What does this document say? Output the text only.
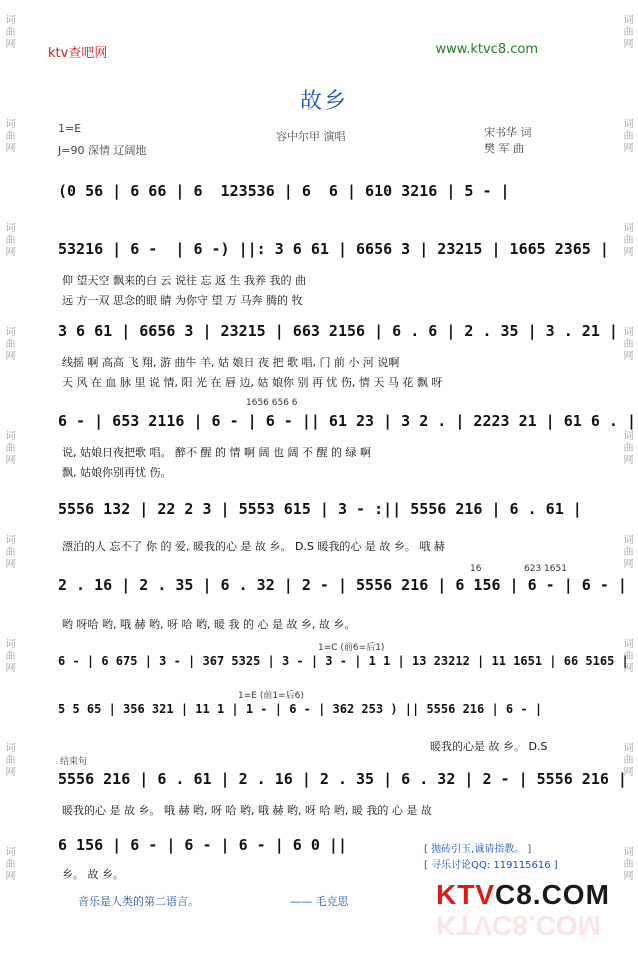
词曲网
词曲网
词曲网
词曲网
词曲网
词曲网
词曲网
词曲网
词曲网
词曲网
词曲网
词曲网
词曲网
词曲网
词曲网
词曲网
词曲网
词曲网
ktv查吧网	www.ktvc8.com
故乡
1=E
J=90 深情 辽阔地
容中尔甲 演唱	宋书华 词
樊 军 曲
(0 56 | 6 66 | 6  123536 | 6  6 | 610 3216 | 5 - |
53216 | 6 -  | 6 -) ||: 3 6 61 | 6656 3 | 23215 | 1665 2365 |
仰 望天空 飘来的白 云 说往 忘 返 生 我养 我的 曲
远 方一双 思念的眼 睛 为你守 望 万 马奔 腾的 牧
3 6 61 | 6656 3 | 23215 | 663 2156 | 6 . 6 | 2 . 35 | 3 . 21 |
线摇 啊 高高 飞 翔, 游 曲牛 羊, 姑 娘日 夜 把 歌 唱, 门 前 小 河 说啊
天 风 在 血 脉 里 说 情, 阳 光 在 唇 边, 姑 娘你 别 再 忧 伤, 情 天 马 花 飘 呀
1656 656 6
6 - | 653 2116 | 6 - | 6 - || 61 23 | 3 2 . | 2223 21 | 61 6 . |
说, 姑娘日夜把歌 唱。 醉不 醒 的 情 啊 阔 也 阔 不 醒 的 绿 啊
飘, 姑娘你别再忧 伤。
5556 132 | 22 2 3 | 5553 615 | 3 - :|| 5556 216 | 6 . 61 |
漂泊的人 忘不了 你 的 爱, 暖我的心 是 故 乡。 D.S 暖我的心 是 故 乡。 哦 赫
16	623 1651
2 . 16 | 2 . 35 | 6 . 32 | 2 - | 5556 216 | 6 156 | 6 - | 6 - |
哟 呀哈 哟, 哦 赫 哟, 呀 哈 哟, 暖 我 的 心 是 故 乡, 故 乡。
1=C (前6=后1)
6 - | 6 675 | 3 - | 367 5325 | 3 - | 3 - | 1 1 | 13 23212 | 11 1651 | 66 5165 |
1=E (前1=后6)
5 5 65 | 356 321 | 11 1 | 1 - | 6 - | 362 253 ) || 5556 216 | 6 - |
暖我的心是 故 乡。 D.S
结束句
5556 216 | 6 . 61 | 2 . 16 | 2 . 35 | 6 . 32 | 2 - | 5556 216 |
暖我的心 是 故 乡。 哦 赫 哟, 呀 哈 哟, 哦 赫 哟, 呀 哈 哟, 暖 我的 心 是 故
6 156 | 6 - | 6 - | 6 - | 6 0 ||
乡。 故 乡。
[ 抛砖引玉,诚请指教。 ]
[ 寻乐讨论QQ: 119115616 ]
音乐是人类的第二语言。	—— 毛克思	KTVC8.COM
KTVC8.COM
